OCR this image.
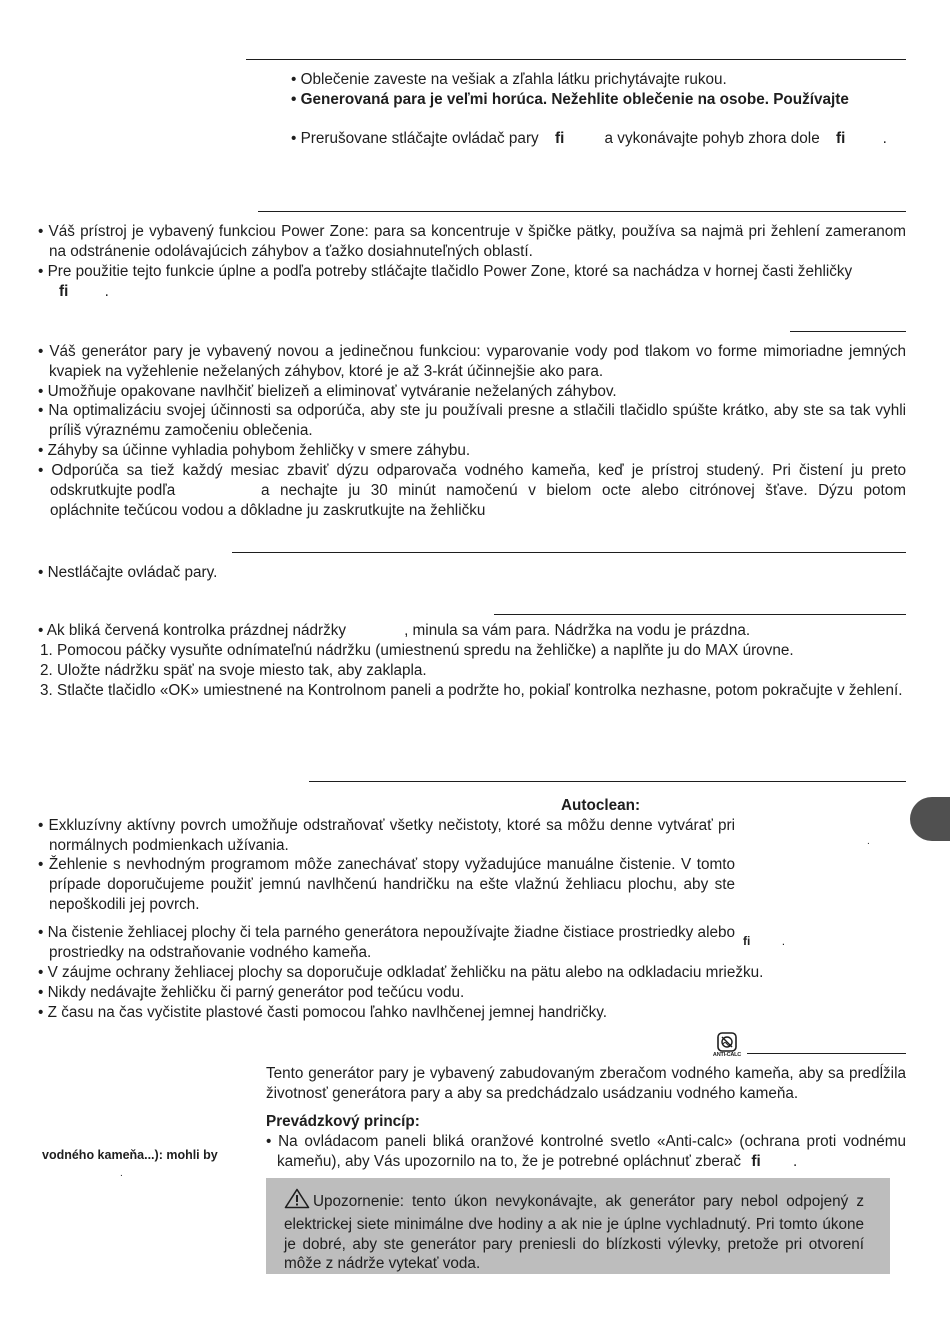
• Oblečenie zaveste na vešiak a zľahla látku prichytávajte rukou.
• Generovaná para je veľmi horúca. Nežehlite oblečenie na osobe. Používajte
• Prerušovane stláčajte ovládač pary ﬁ	a vykonávajte pohyb zhora dole ﬁ .
• Váš prístroj je vybavený funkciou Power Zone: para sa koncentruje v špičke pätky, používa sa najmä pri žehlení zameranom na odstránenie odolávajúcich záhybov a ťažko dosiahnuteľných oblastí.
• Pre použitie tejto funkcie úplne a podľa potreby stláčajte tlačidlo Power Zone, ktoré sa nachádza v hornej časti žehličky
ﬁ .
• Váš generátor pary je vybavený novou a jedinečnou funkciou: vyparovanie vody pod tlakom vo forme mimoriadne jemných kvapiek na vyžehlenie neželaných záhybov, ktoré je až 3-krát účinnejšie ako para.
• Umožňuje opakovane navlhčiť bielizeň a eliminovať vytváranie neželaných záhybov.
• Na optimalizáciu svojej účinnosti sa odporúča, aby ste ju používali presne a stlačili tlačidlo spúšte krátko, aby ste sa tak vyhli príliš výraznému zamočeniu oblečenia.
• Záhyby sa účinne vyhladia pohybom žehličky v smere záhybu.
• Odporúča sa tiež každý mesiac zbaviť dýzu odparovača vodného kameňa, keď je prístroj studený. Pri čistení ju preto
odskrutkujte podľa	a nechajte ju 30 minút namočenú v bielom octe alebo citrónovej šťave. Dýzu potom
opláchnite tečúcou vodou a dôkladne ju zaskrutkujte na žehličku
• Nestláčajte ovládač pary.
• Ak bliká červená kontrolka prázdnej nádržky	, minula sa vám para. Nádržka na vodu je prázdna.
1. Pomocou páčky vysuňte odnímateľnú nádržku (umiestnenú spredu na žehličke) a naplňte ju do MAX úrovne.
2. Uložte nádržku späť na svoje miesto tak, aby zaklapla.
3. Stlačte tlačidlo «OK» umiestnené na Kontrolnom paneli a podržte ho, pokiaľ kontrolka nezhasne, potom pokračujte v žehlení.
Autoclean:
• Exkluzívny aktívny povrch umožňuje odstraňovať všetky nečistoty, ktoré sa môžu denne vytvárať pri normálnych podmienkach užívania.
• Žehlenie s nevhodným programom môže zanechávať stopy vyžadujúce manuálne čistenie. V tomto prípade doporučujeme použiť jemnú navlhčenú handričku na ešte vlažnú žehliacu plochu, aby ste nepoškodili jej povrch.
.
• Na čistenie žehliacej plochy či tela parného generátora nepoužívajte žiadne čistiace prostriedky alebo prostriedky na odstraňovanie vodného kameňa.
ﬁ	.
• V záujme ochrany žehliacej plochy sa doporučuje odkladať žehličku na pätu alebo na odkladaciu mriežku.
• Nikdy nedávajte žehličku či parný generátor pod tečúcu vodu.
• Z času na čas vyčistite plastové časti pomocou ľahko navlhčenej jemnej handričky.
ANTI-CALC
Tento generátor pary je vybavený zabudovaným zberačom vodného kameňa, aby sa predĺžila životnosť generátora pary a aby sa predchádzalo usádzaniu vodného kameňa.
Prevádzkový princíp:
• Na ovládacom paneli bliká oranžové kontrolné svetlo «Anti-calc» (ochrana proti vodnému kameňu), aby Vás upozornilo na to, že je potrebné opláchnuť zberač ﬁ .
vodného kameňa...): mohli by
.
Upozornenie: tento úkon nevykonávajte, ak generátor pary nebol odpojený z elektrickej siete minimálne dve hodiny a ak nie je úplne vychladnutý. Pri tomto úkone je dobré, aby ste generátor pary preniesli do blízkosti výlevky, pretože pri otvorení môže z nádrže vytekať voda.
